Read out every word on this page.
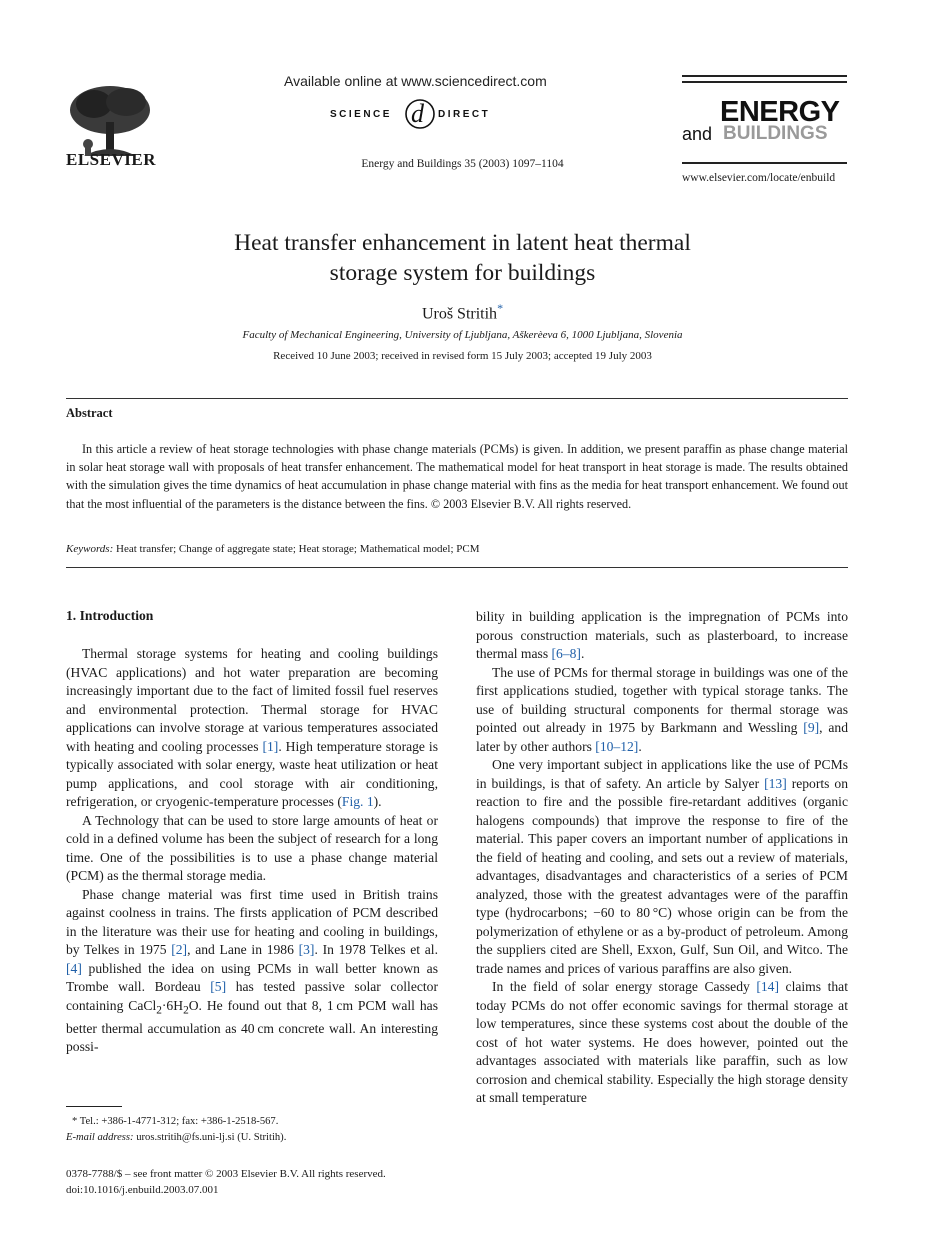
ELSEVIER
Available online at www.sciencedirect.com
SCIENCE d DIRECT
Energy and Buildings 35 (2003) 1097–1104
ENERGY
and BUILDINGS
www.elsevier.com/locate/enbuild
Heat transfer enhancement in latent heat thermal
storage system for buildings
Uroš Stritih*
Faculty of Mechanical Engineering, University of Ljubljana, Aškerèeva 6, 1000 Ljubljana, Slovenia
Received 10 June 2003; received in revised form 15 July 2003; accepted 19 July 2003
Abstract

In this article a review of heat storage technologies with phase change materials (PCMs) is given. In addition, we present paraffin as phase change material in solar heat storage wall with proposals of heat transfer enhancement. The mathematical model for heat transport in heat storage is made. The results obtained with the simulation gives the time dynamics of heat accumulation in phase change material with fins as the media for heat transport enhancement. We found out that the most influential of the parameters is the distance between the fins. © 2003 Elsevier B.V. All rights reserved.

Keywords: Heat transfer; Change of aggregate state; Heat storage; Mathematical model; PCM
1. Introduction

Thermal storage systems for heating and cooling buildings (HVAC applications) and hot water preparation are becoming increasingly important due to the fact of limited fossil fuel reserves and environmental protection. Thermal storage for HVAC applications can involve storage at various temperatures associated with heating and cooling processes [1]. High temperature storage is typically associated with solar energy, waste heat utilization or heat pump applications, and cool storage with air conditioning, refrigeration, or cryogenic-temperature processes (Fig. 1).

A Technology that can be used to store large amounts of heat or cold in a defined volume has been the subject of research for a long time. One of the possibilities is to use a phase change material (PCM) as the thermal storage media.

Phase change material was first time used in British trains against coolness in trains. The firsts application of PCM described in the literature was their use for heating and cooling in buildings, by Telkes in 1975 [2], and Lane in 1986 [3]. In 1978 Telkes et al. [4] published the idea on using PCMs in wall better known as Trombe wall. Bordeau [5] has tested passive solar collector containing $CaCl_2\cdot 6H_2O$. He found out that 8, 1 cm PCM wall has better thermal accumulation as 40 cm concrete wall. An interesting possi-

bility in building application is the impregnation of PCMs into porous construction materials, such as plasterboard, to increase thermal mass [6–8].

The use of PCMs for thermal storage in buildings was one of the first applications studied, together with typical storage tanks. The use of building structural components for thermal storage was pointed out already in 1975 by Barkmann and Wessling [9], and later by other authors [10–12].

One very important subject in applications like the use of PCMs in buildings, is that of safety. An article by Salyer [13] reports on reaction to fire and the possible fire-retardant additives (organic halogens compounds) that improve the response to fire of the material. This paper covers an important number of applications in the field of heating and cooling, and sets out a review of materials, advantages, disadvantages and characteristics of a series of PCM analyzed, those with the greatest advantages were of the paraffin type (hydrocarbons; −60 to 80 °C) whose origin can be from the polymerization of ethylene or as a by-product of petroleum. Among the suppliers cited are Shell, Exxon, Gulf, Sun Oil, and Witco. The trade names and prices of various paraffins are also given.

In the field of solar energy storage Cassedy [14] claims that today PCMs do not offer economic savings for thermal storage at low temperatures, since these systems cost about the double of the cost of hot water systems. He does however, pointed out the advantages associated with materials like paraffin, such as low corrosion and chemical stability. Especially the high storage density at small temperature

* Tel.: +386-1-4771-312; fax: +386-1-2518-567.
E-mail address: uros.stritih@fs.uni-lj.si (U. Stritih).
0378-7788/$ – see front matter © 2003 Elsevier B.V. All rights reserved.
doi:10.1016/j.enbuild.2003.07.001
